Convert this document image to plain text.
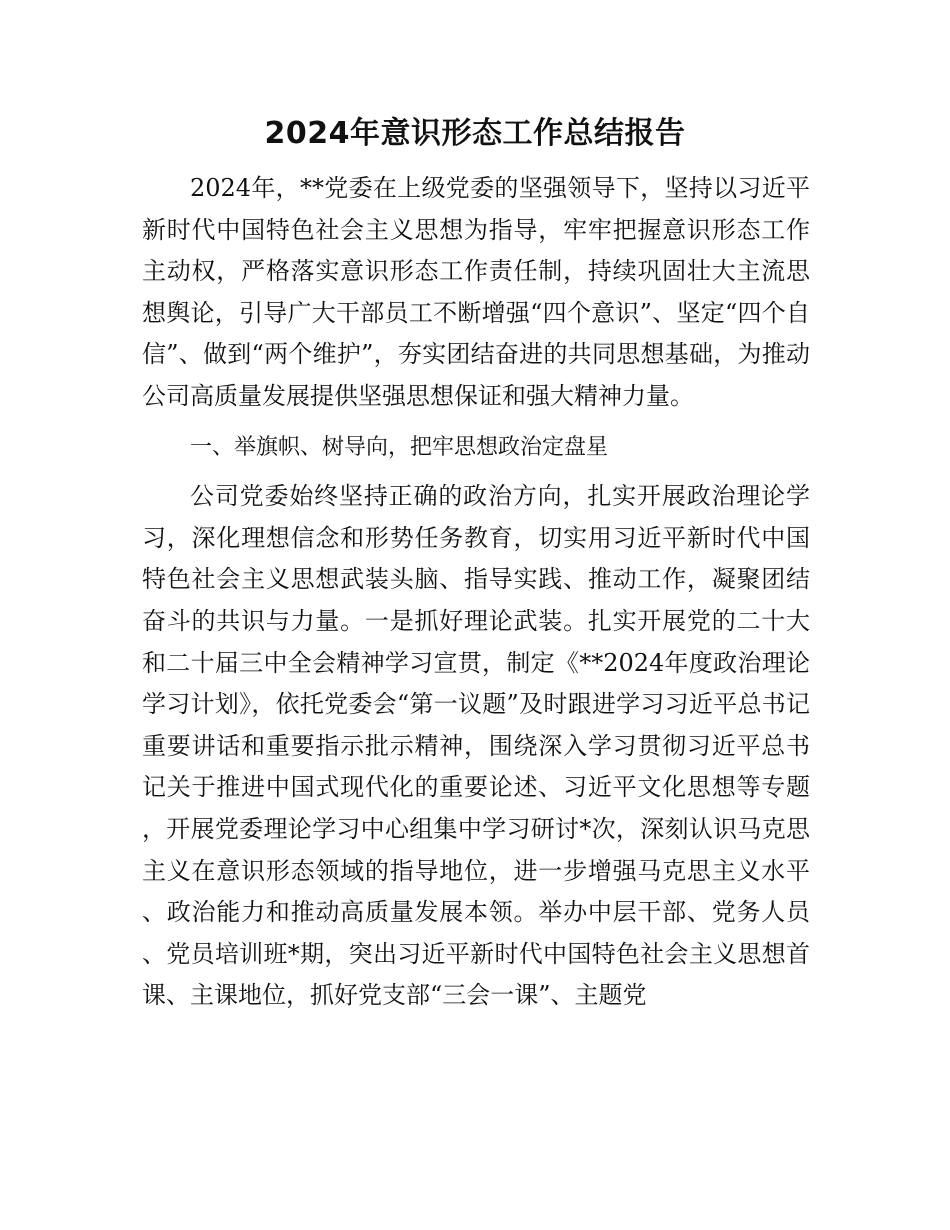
2024年意识形态工作总结报告

2024年，**党委在上级党委的坚强领导下，坚持以习近平新时代中国特色社会主义思想为指导，牢牢把握意识形态工作主动权，严格落实意识形态工作责任制，持续巩固壮大主流思想舆论，引导广大干部员工不断增强“四个意识”、坚定“四个自信”、做到“两个维护”，夯实团结奋进的共同思想基础，为推动公司高质量发展提供坚强思想保证和强大精神力量。

一、举旗帜、树导向，把牢思想政治定盘星

公司党委始终坚持正确的政治方向，扎实开展政治理论学习，深化理想信念和形势任务教育，切实用习近平新时代中国特色社会主义思想武装头脑、指导实践、推动工作，凝聚团结奋斗的共识与力量。一是抓好理论武装。扎实开展党的二十大和二十届三中全会精神学习宣贯，制定《**2024年度政治理论学习计划》，依托党委会“第一议题”及时跟进学习习近平总书记重要讲话和重要指示批示精神，围绕深入学习贯彻习近平总书记关于推进中国式现代化的重要论述、习近平文化思想等专题，开展党委理论学习中心组集中学习研讨*次，深刻认识马克思主义在意识形态领域的指导地位，进一步增强马克思主义水平、政治能力和推动高质量发展本领。举办中层干部、党务人员、党员培训班*期，突出习近平新时代中国特色社会主义思想首课、主课地位，抓好党支部“三会一课”、主题党
